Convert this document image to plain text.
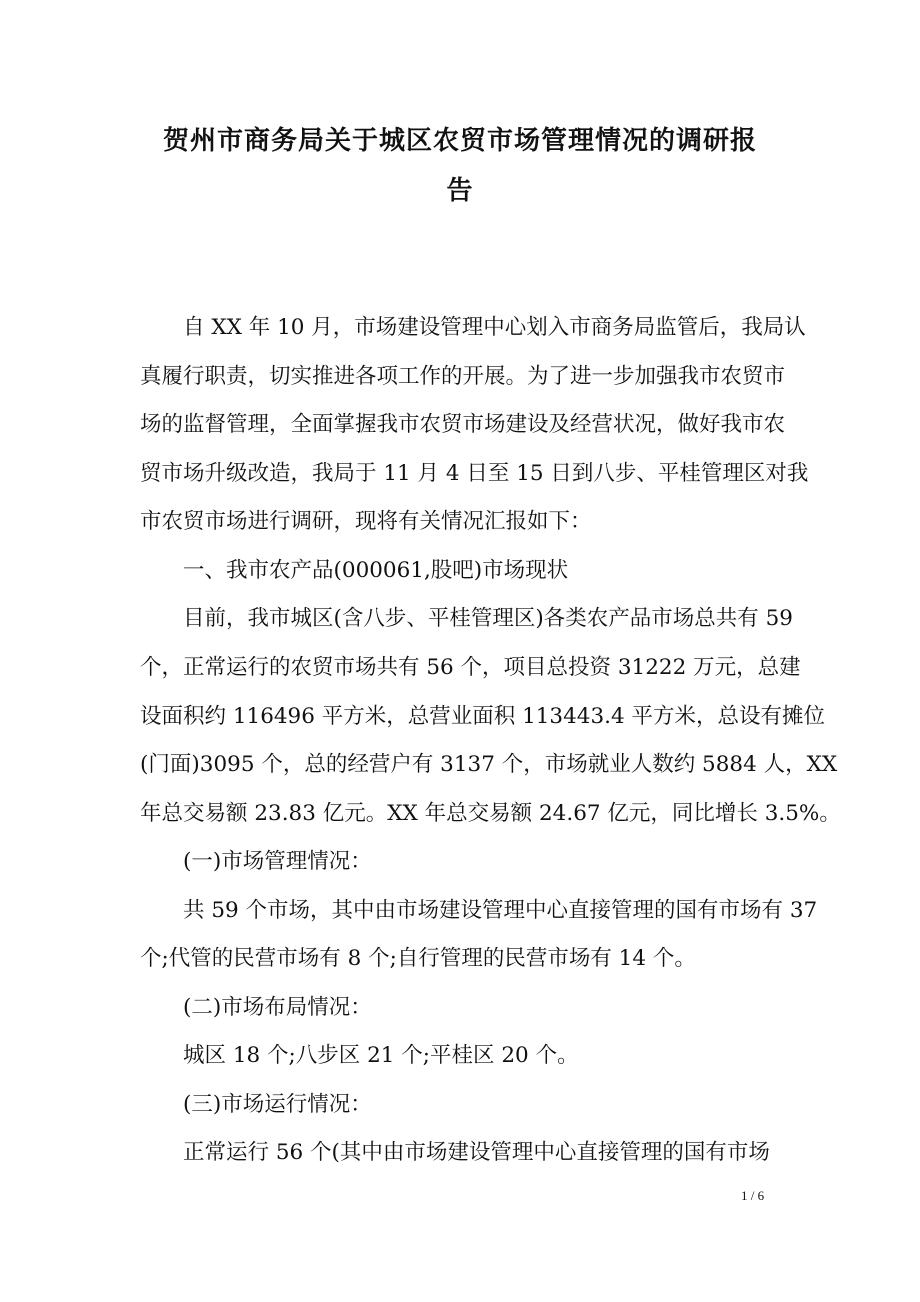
贺州市商务局关于城区农贸市场管理情况的调研报
告
　　自 XX 年 10 月，市场建设管理中心划入市商务局监管后，我局认
真履行职责，切实推进各项工作的开展。为了进一步加强我市农贸市
场的监督管理，全面掌握我市农贸市场建设及经营状况，做好我市农
贸市场升级改造，我局于 11 月 4 日至 15 日到八步、平桂管理区对我
市农贸市场进行调研，现将有关情况汇报如下：
　　一、我市农产品(000061,股吧)市场现状
　　目前，我市城区(含八步、平桂管理区)各类农产品市场总共有 59
个，正常运行的农贸市场共有 56 个，项目总投资 31222 万元，总建
设面积约 116496 平方米，总营业面积 113443.4 平方米，总设有摊位
(门面)3095 个，总的经营户有 3137 个，市场就业人数约 5884 人，XX
年总交易额 23.83 亿元。XX 年总交易额 24.67 亿元，同比增长 3.5%。
　　(一)市场管理情况：
　　共 59 个市场，其中由市场建设管理中心直接管理的国有市场有 37
个;代管的民营市场有 8 个;自行管理的民营市场有 14 个。
　　(二)市场布局情况：
　　城区 18 个;八步区 21 个;平桂区 20 个。
　　(三)市场运行情况：
　　正常运行 56 个(其中由市场建设管理中心直接管理的国有市场
1 / 6
